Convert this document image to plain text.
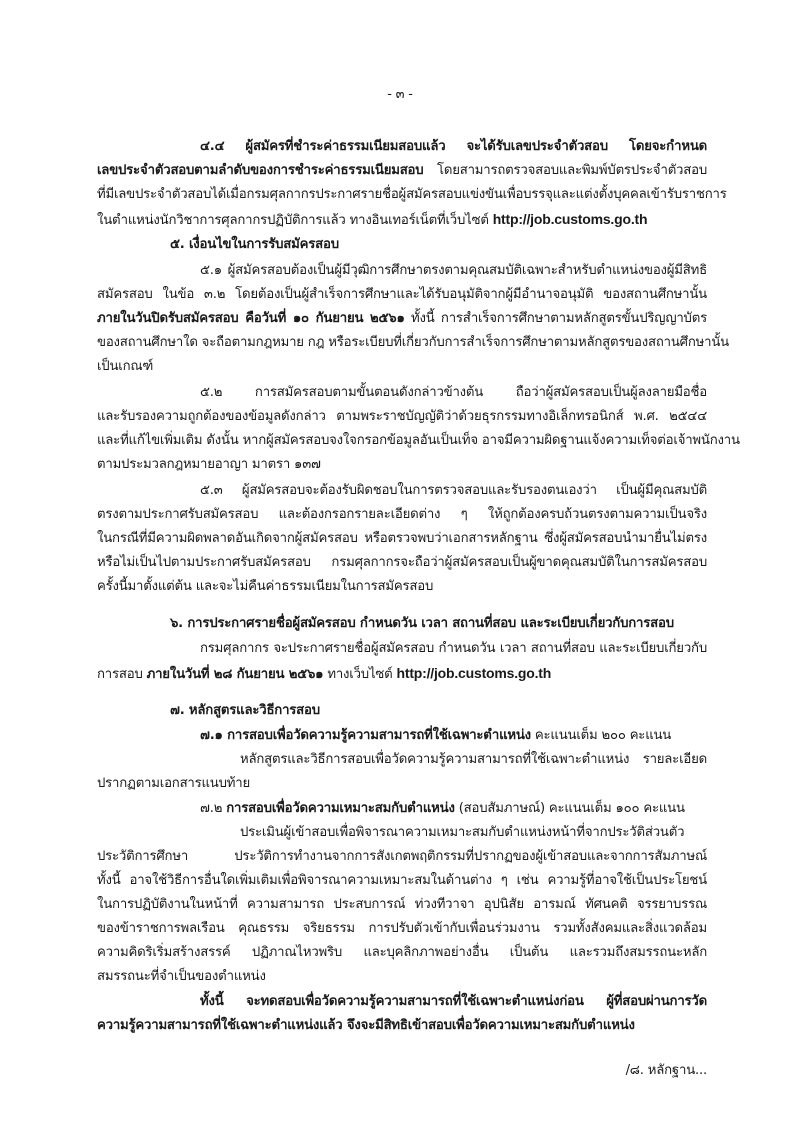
- ๓ -
๔.๔ ผู้สมัครที่ชำระค่าธรรมเนียมสอบแล้ว จะได้รับเลขประจำตัวสอบ โดยจะกำหนด
เลขประจำตัวสอบตามลำดับของการชำระค่าธรรมเนียมสอบ โดยสามารถตรวจสอบและพิมพ์บัตรประจำตัวสอบ
ที่มีเลขประจำตัวสอบได้เมื่อกรมศุลกากรประกาศรายชื่อผู้สมัครสอบแข่งขันเพื่อบรรจุและแต่งตั้งบุคคลเข้ารับราชการ
ในตำแหน่งนักวิชาการศุลกากรปฏิบัติการแล้ว ทางอินเทอร์เน็ตที่เว็บไซต์ http://job.customs.go.th
๕. เงื่อนไขในการรับสมัครสอบ
๕.๑ ผู้สมัครสอบต้องเป็นผู้มีวุฒิการศึกษาตรงตามคุณสมบัติเฉพาะสำหรับตำแหน่งของผู้มีสิทธิ
สมัครสอบ ในข้อ ๓.๒ โดยต้องเป็นผู้สำเร็จการศึกษาและได้รับอนุมัติจากผู้มีอำนาจอนุมัติ ของสถานศึกษานั้น
ภายในวันปิดรับสมัครสอบ คือวันที่ ๑๐ กันยายน ๒๕๖๑ ทั้งนี้ การสำเร็จการศึกษาตามหลักสูตรขั้นปริญญาบัตร
ของสถานศึกษาใด จะถือตามกฎหมาย กฎ หรือระเบียบที่เกี่ยวกับการสำเร็จการศึกษาตามหลักสูตรของสถานศึกษานั้น
เป็นเกณฑ์
๕.๒ การสมัครสอบตามขั้นตอนดังกล่าวข้างต้น ถือว่าผู้สมัครสอบเป็นผู้ลงลายมือชื่อ
และรับรองความถูกต้องของข้อมูลดังกล่าว ตามพระราชบัญญัติว่าด้วยธุรกรรมทางอิเล็กทรอนิกส์ พ.ศ. ๒๕๔๔
และที่แก้ไขเพิ่มเติม ดังนั้น หากผู้สมัครสอบจงใจกรอกข้อมูลอันเป็นเท็จ อาจมีความผิดฐานแจ้งความเท็จต่อเจ้าพนักงาน
ตามประมวลกฎหมายอาญา มาตรา ๑๓๗
๕.๓ ผู้สมัครสอบจะต้องรับผิดชอบในการตรวจสอบและรับรองตนเองว่า เป็นผู้มีคุณสมบัติ
ตรงตามประกาศรับสมัครสอบ และต้องกรอกรายละเอียดต่าง ๆ ให้ถูกต้องครบถ้วนตรงตามความเป็นจริง
ในกรณีที่มีความผิดพลาดอันเกิดจากผู้สมัครสอบ หรือตรวจพบว่าเอกสารหลักฐาน ซึ่งผู้สมัครสอบนำมายื่นไม่ตรง
หรือไม่เป็นไปตามประกาศรับสมัครสอบ กรมศุลกากรจะถือว่าผู้สมัครสอบเป็นผู้ขาดคุณสมบัติในการสมัครสอบ
ครั้งนี้มาตั้งแต่ต้น และจะไม่คืนค่าธรรมเนียมในการสมัครสอบ
๖. การประกาศรายชื่อผู้สมัครสอบ กำหนดวัน เวลา สถานที่สอบ และระเบียบเกี่ยวกับการสอบ
กรมศุลกากร จะประกาศรายชื่อผู้สมัครสอบ กำหนดวัน เวลา สถานที่สอบ และระเบียบเกี่ยวกับ
การสอบ ภายในวันที่ ๒๘ กันยายน ๒๕๖๑ ทางเว็บไซต์ http://job.customs.go.th
๗. หลักสูตรและวิธีการสอบ
๗.๑ การสอบเพื่อวัดความรู้ความสามารถที่ใช้เฉพาะตำแหน่ง คะแนนเต็ม ๒๐๐ คะแนน
หลักสูตรและวิธีการสอบเพื่อวัดความรู้ความสามารถที่ใช้เฉพาะตำแหน่ง รายละเอียด
ปรากฏตามเอกสารแนบท้าย
๗.๒ การสอบเพื่อวัดความเหมาะสมกับตำแหน่ง (สอบสัมภาษณ์) คะแนนเต็ม ๑๐๐ คะแนน
ประเมินผู้เข้าสอบเพื่อพิจารณาความเหมาะสมกับตำแหน่งหน้าที่จากประวัติส่วนตัว
ประวัติการศึกษา ประวัติการทำงานจากการสังเกตพฤติกรรมที่ปรากฏของผู้เข้าสอบและจากการสัมภาษณ์
ทั้งนี้ อาจใช้วิธีการอื่นใดเพิ่มเติมเพื่อพิจารณาความเหมาะสมในด้านต่าง ๆ เช่น ความรู้ที่อาจใช้เป็นประโยชน์
ในการปฏิบัติงานในหน้าที่ ความสามารถ ประสบการณ์ ท่วงทีวาจา อุปนิสัย อารมณ์ ทัศนคติ จรรยาบรรณ
ของข้าราชการพลเรือน คุณธรรม จริยธรรม การปรับตัวเข้ากับเพื่อนร่วมงาน รวมทั้งสังคมและสิ่งแวดล้อม
ความคิดริเริ่มสร้างสรรค์ ปฏิภาณไหวพริบ และบุคลิกภาพอย่างอื่น เป็นต้น และรวมถึงสมรรถนะหลัก
สมรรถนะที่จำเป็นของตำแหน่ง
ทั้งนี้ จะทดสอบเพื่อวัดความรู้ความสามารถที่ใช้เฉพาะตำแหน่งก่อน ผู้ที่สอบผ่านการวัด
ความรู้ความสามารถที่ใช้เฉพาะตำแหน่งแล้ว จึงจะมีสิทธิเข้าสอบเพื่อวัดความเหมาะสมกับตำแหน่ง
/๘. หลักฐาน...
